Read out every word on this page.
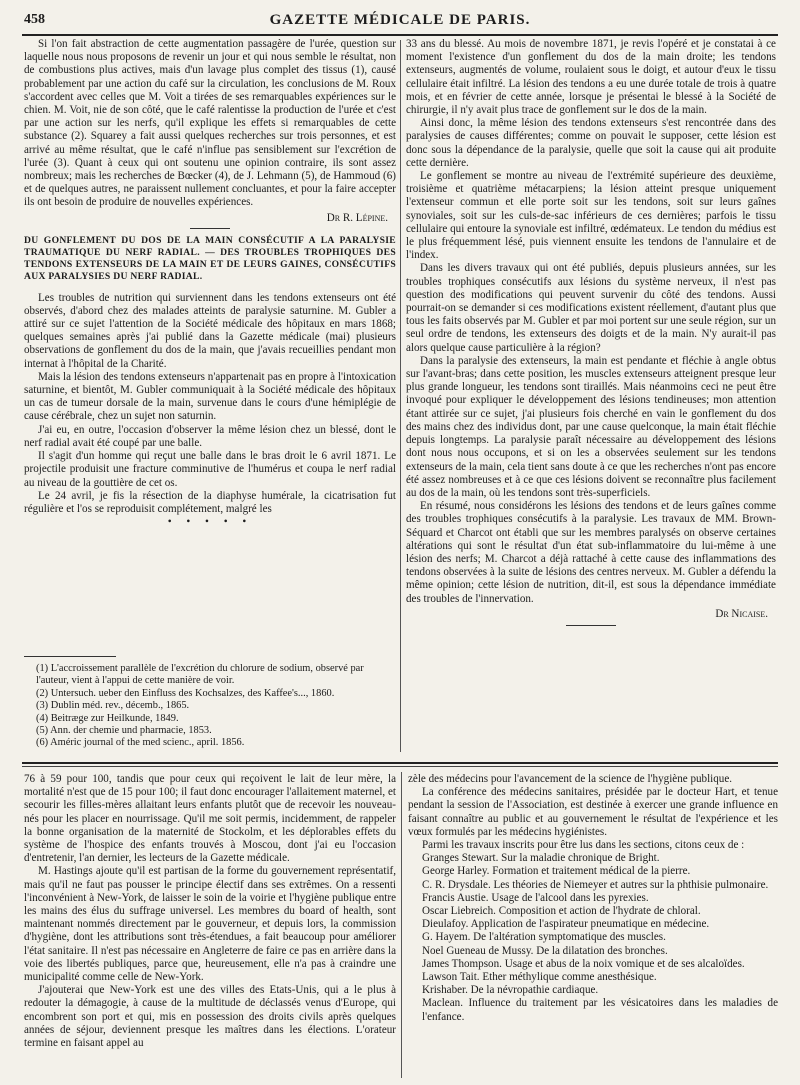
458	GAZETTE MÉDICALE DE PARIS.

Si l'on fait abstraction de cette augmentation passagère de l'urée, question sur laquelle nous nous proposons de revenir un jour et qui nous semble le résultat, non de combustions plus actives, mais d'un lavage plus complet des tissus (1), causé probablement par une action du café sur la circulation, les conclusions de M. Roux s'accordent avec celles que M. Voit a tirées de ses remarquables expériences sur le chien. M. Voit, nie de son côté, que le café ralentisse la production de l'urée et c'est par une action sur les nerfs, qu'il explique les effets si remarquables de cette substance (2). Squarey a fait aussi quelques recherches sur trois personnes, et est arrivé au même résultat, que le café n'influe pas sensiblement sur l'excrétion de l'urée (3). Quant à ceux qui ont soutenu une opinion contraire, ils sont assez nombreux; mais les recherches de Bœcker (4), de J. Lehmann (5), de Hammoud (6) et de quelques autres, ne paraissent nullement concluantes, et pour la faire accepter ils ont besoin de produire de nouvelles expériences.

Dr R. Lépine.

DU GONFLEMENT DU DOS DE LA MAIN CONSÉCUTIF A LA PARALYSIE TRAUMATIQUE DU NERF RADIAL. — DES TROUBLES TROPHIQUES DES TENDONS EXTENSEURS DE LA MAIN ET DE LEURS GAINES, CONSÉCUTIFS AUX PARALYSIES DU NERF RADIAL.

Les troubles de nutrition qui surviennent dans les tendons extenseurs ont été observés, d'abord chez des malades atteints de paralysie saturnine. M. Gubler a attiré sur ce sujet l'attention de la Société médicale des hôpitaux en mars 1868; quelques semaines après j'ai publié dans la Gazette médicale (mai) plusieurs observations de gonflement du dos de la main, que j'avais recueillies pendant mon internat à l'hôpital de la Charité.

Mais la lésion des tendons extenseurs n'appartenait pas en propre à l'intoxication saturnine, et bientôt, M. Gubler communiquait à la Société médicale des hôpitaux un cas de tumeur dorsale de la main, survenue dans le cours d'une hémiplégie de cause cérébrale, chez un sujet non saturnin.

J'ai eu, en outre, l'occasion d'observer la même lésion chez un blessé, dont le nerf radial avait été coupé par une balle.

Il s'agit d'un homme qui reçut une balle dans le bras droit le 6 avril 1871. Le projectile produisit une fracture comminutive de l'humérus et coupa le nerf radial au niveau de la gouttière de cet os.

Le 24 avril, je fis la résection de la diaphyse humérale, la cicatrisation fut régulière et l'os se reproduisit complétement, malgré les

• • • • •

(1) L'accroissement parallèle de l'excrétion du chlorure de sodium, observé par l'auteur, vient à l'appui de cette manière de voir.
(2) Untersuch. ueber den Einfluss des Kochsalzes, des Kaffee's..., 1860.
(3) Dublin méd. rev., décemb., 1865.
(4) Beitræge zur Heilkunde, 1849.
(5) Ann. der chemie und pharmacie, 1853.
(6) Améric journal of the med scienc., april. 1856.

33 ans du blessé. Au mois de novembre 1871, je revis l'opéré et je constatai à ce moment l'existence d'un gonflement du dos de la main droite; les tendons extenseurs, augmentés de volume, roulaient sous le doigt, et autour d'eux le tissu cellulaire était infiltré. La lésion des tendons a eu une durée totale de trois à quatre mois, et en février de cette année, lorsque je présentai le blessé à la Société de chirurgie, il n'y avait plus trace de gonflement sur le dos de la main.

Ainsi donc, la même lésion des tendons extenseurs s'est rencontrée dans des paralysies de causes différentes; comme on pouvait le supposer, cette lésion est donc sous la dépendance de la paralysie, quelle que soit la cause qui ait produite cette dernière.

Le gonflement se montre au niveau de l'extrémité supérieure des deuxième, troisième et quatrième métacarpiens; la lésion atteint presque uniquement l'extenseur commun et elle porte soit sur les tendons, soit sur leurs gaînes synoviales, soit sur les culs-de-sac inférieurs de ces dernières; parfois le tissu cellulaire qui entoure la synoviale est infiltré, œdémateux. Le tendon du médius est le plus fréquemment lésé, puis viennent ensuite les tendons de l'annulaire et de l'index.

Dans les divers travaux qui ont été publiés, depuis plusieurs années, sur les troubles trophiques consécutifs aux lésions du système nerveux, il n'est pas question des modifications qui peuvent survenir du côté des tendons. Aussi pourrait-on se demander si ces modifications existent réellement, d'autant plus que tous les faits observés par M. Gubler et par moi portent sur une seule région, sur un seul ordre de tendons, les extenseurs des doigts et de la main. N'y aurait-il pas alors quelque cause particulière à la région?

Dans la paralysie des extenseurs, la main est pendante et fléchie à angle obtus sur l'avant-bras; dans cette position, les muscles extenseurs atteignent presque leur plus grande longueur, les tendons sont tiraillés. Mais néanmoins ceci ne peut être invoqué pour expliquer le développement des lésions tendineuses; mon attention étant attirée sur ce sujet, j'ai plusieurs fois cherché en vain le gonflement du dos des mains chez des individus dont, par une cause quelconque, la main était fléchie depuis longtemps. La paralysie paraît nécessaire au développement des lésions dont nous nous occupons, et si on les a observées seulement sur les tendons extenseurs de la main, cela tient sans doute à ce que les recherches n'ont pas encore été assez nombreuses et à ce que ces lésions doivent se reconnaître plus facilement au dos de la main, où les tendons sont très-superficiels.

En résumé, nous considérons les lésions des tendons et de leurs gaînes comme des troubles trophiques consécutifs à la paralysie. Les travaux de MM. Brown-Séquard et Charcot ont établi que sur les membres paralysés on observe certaines altérations qui sont le résultat d'un état sub-inflammatoire du lui-même à une lésion des nerfs; M. Charcot a déjà rattaché à cette cause des inflammations des tendons observées à la suite de lésions des centres nerveux. M. Gubler a défendu la même opinion; cette lésion de nutrition, dit-il, est sous la dépendance immédiate des troubles de l'innervation.

Dr Nicaise.

76 à 59 pour 100, tandis que pour ceux qui reçoivent le lait de leur mère, la mortalité n'est que de 15 pour 100; il faut donc encourager l'allaitement maternel, et secourir les filles-mères allaitant leurs enfants plutôt que de recevoir les nouveau-nés pour les placer en nourrissage. Qu'il me soit permis, incidemment, de rappeler la bonne organisation de la maternité de Stockolm, et les déplorables effets du système de l'hospice des enfants trouvés à Moscou, dont j'ai eu l'occasion d'entretenir, l'an dernier, les lecteurs de la Gazette médicale.

M. Hastings ajoute qu'il est partisan de la forme du gouvernement représentatif, mais qu'il ne faut pas pousser le principe électif dans ses extrêmes. On a ressenti l'inconvénient à New-York, de laisser le soin de la voirie et l'hygiène publique entre les mains des élus du suffrage universel. Les membres du board of health, sont maintenant nommés directement par le gouverneur, et depuis lors, la commission d'hygiène, dont les attributions sont très-étendues, a fait beaucoup pour améliorer l'état sanitaire. Il n'est pas nécessaire en Angleterre de faire ce pas en arrière dans la voie des libertés publiques, parce que, heureusement, elle n'a pas à craindre une municipalité comme celle de New-York.

J'ajouterai que New-York est une des villes des Etats-Unis, qui a le plus à redouter la démagogie, à cause de la multitude de déclassés venus d'Europe, qui encombrent son port et qui, mis en possession des droits civils après quelques années de séjour, deviennent presque les maîtres dans les élections. L'orateur termine en faisant appel au

zèle des médecins pour l'avancement de la science de l'hygiène publique.

La conférence des médecins sanitaires, présidée par le docteur Hart, et tenue pendant la session de l'Association, est destinée à exercer une grande influence en faisant connaître au public et au gouvernement le résultat de l'expérience et les vœux formulés par les médecins hygiénistes.

Parmi les travaux inscrits pour être lus dans les sections, citons ceux de :

Granges Stewart. Sur la maladie chronique de Bright.

George Harley. Formation et traitement médical de la pierre.

C. R. Drysdale. Les théories de Niemeyer et autres sur la phthisie pulmonaire.

Francis Austie. Usage de l'alcool dans les pyrexies.

Oscar Liebreich. Composition et action de l'hydrate de chloral.

Dieulafoy. Application de l'aspirateur pneumatique en médecine.

G. Hayem. De l'altération symptomatique des muscles.

Noel Gueneau de Mussy. De la dilatation des bronches.

James Thompson. Usage et abus de la noix vomique et de ses alcaloïdes.

Lawson Tait. Ether méthylique comme anesthésique.

Krishaber. De la névropathie cardiaque.

Maclean. Influence du traitement par les vésicatoires dans les maladies de l'enfance.
